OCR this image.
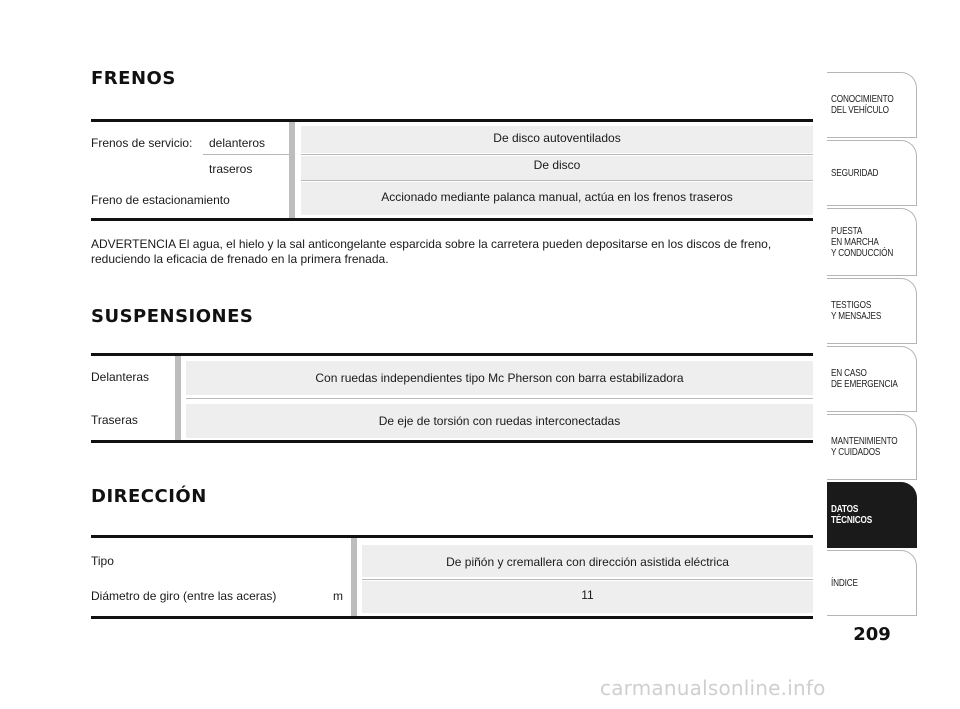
FRENOS
Frenos de servicio: delanteros	De disco autoventilados
traseros	De disco
Freno de estacionamiento	Accionado mediante palanca manual, actúa en los frenos traseros

ADVERTENCIA El agua, el hielo y la sal anticongelante esparcida sobre la carretera pueden depositarse en los discos de freno, reduciendo la eficacia de frenado en la primera frenada.

SUSPENSIONES
Delanteras	Con ruedas independientes tipo Mc Pherson con barra estabilizadora
Traseras	De eje de torsión con ruedas interconectadas
DIRECCIÓN
Tipo	De piñón y cremallera con dirección asistida eléctrica
Diámetro de giro (entre las aceras)	m	11
CONOCIMIENTO
DEL VEHÍCULO
SEGURIDAD
PUESTA
EN MARCHA
Y CONDUCCIÓN
TESTIGOS
Y MENSAJES
EN CASO
DE EMERGENCIA
MANTENIMIENTO
Y CUIDADOS
DATOS TÉCNICOS
ÍNDICE
209
carmanualsonline.info
